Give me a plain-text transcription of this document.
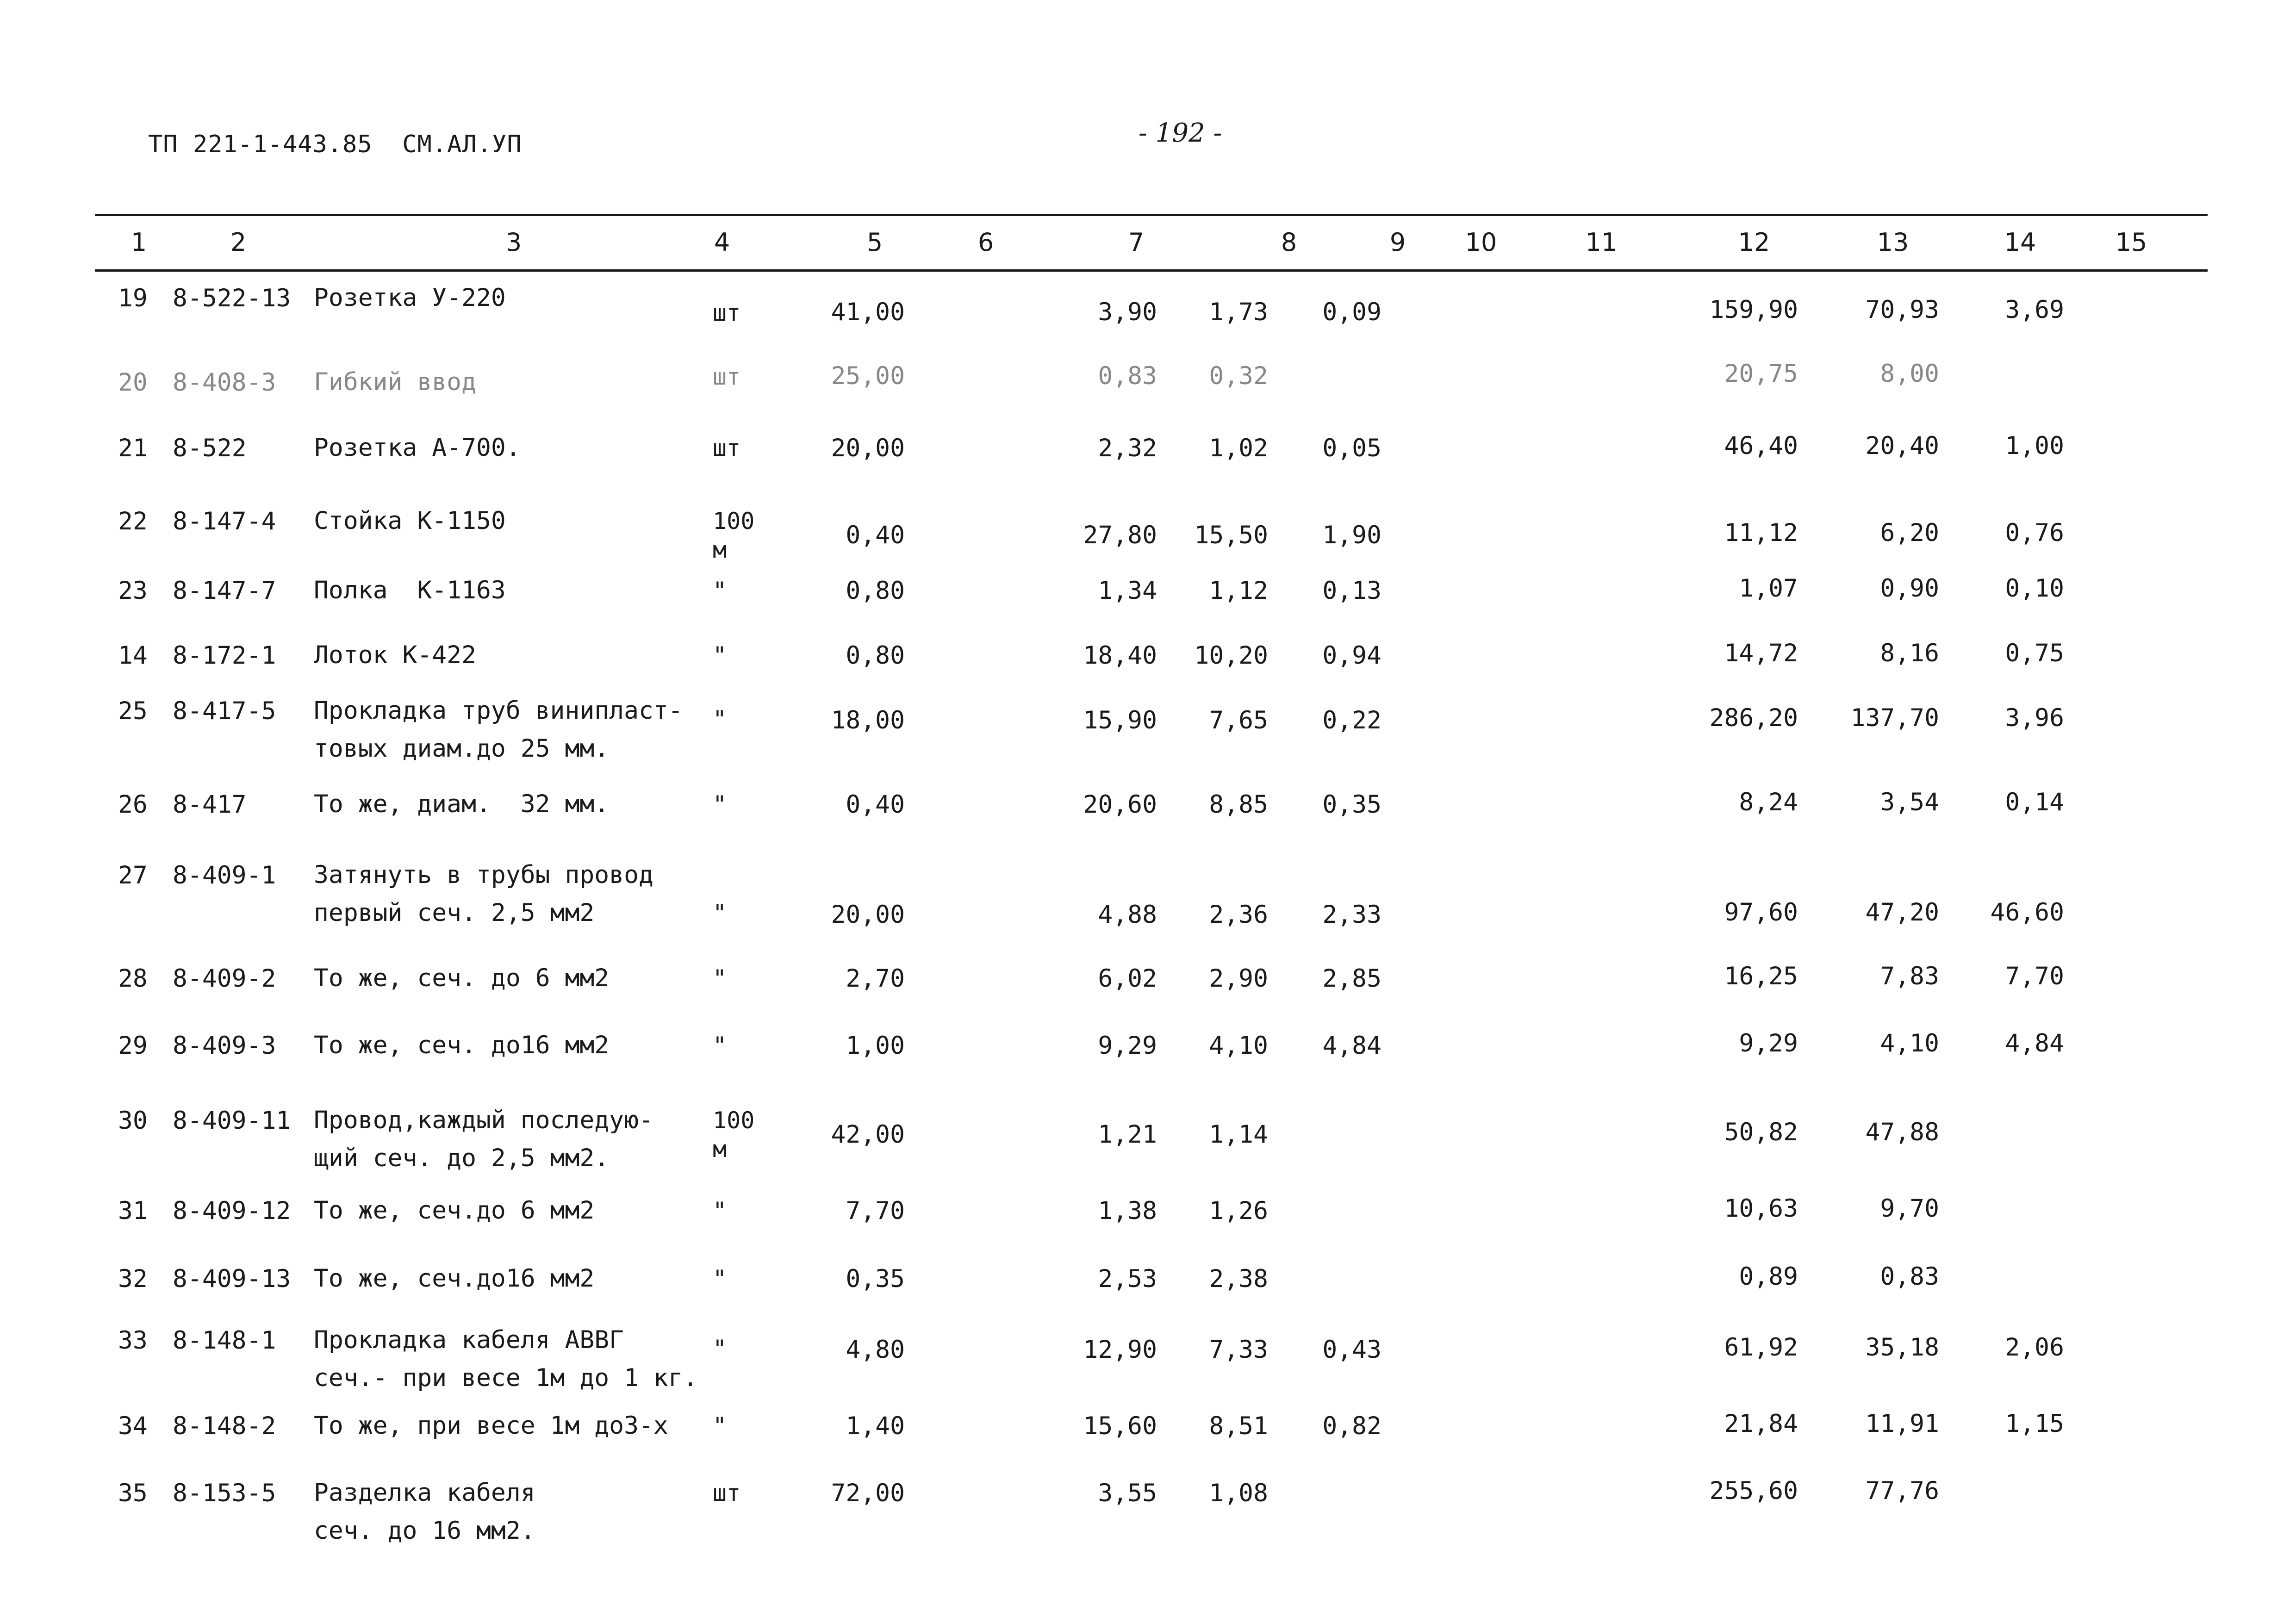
ТП 221-1-443.85  СМ.АЛ.УП	- 192 -
1	2	3	4	5	6	7	8	9 10	11	12	13	14	15
19 8-522-13 Розетка У-220
шт	41,00	3,90 1,73 0,09	159,90	70,93	3,69
20 8-408-3 Гибкий ввод	шт	25,00	0,83 0,32	20,75	8,00
21 8-522	Розетка А-700.	шт	20,00	2,32 1,02 0,05	46,40	20,40	1,00
22 8-147-4 Стойка К-1150	100
м
0,40	27,80 15,50 1,90	11,12	6,20	0,76
23 8-147-7 Полка  К-1163	"	0,80	1,34 1,12 0,13	1,07	0,90	0,10
14 8-172-1 Лоток К-422	"	0,80	18,40 10,20 0,94	14,72	8,16	0,75
25 8-417-5 Прокладка труб винипласт-
товых диам.до 25 мм.
"	18,00	15,90 7,65 0,22	286,20 137,70	3,96
26 8-417	То же, диам.  32 мм.	"	0,40	20,60 8,85 0,35	8,24	3,54	0,14
27 8-409-1 Затянуть в трубы провод
первый сеч. 2,5 мм2	"	20,00	4,88 2,36 2,33	97,60	47,20 46,60
28 8-409-2 То же, сеч. до 6 мм2	"	2,70	6,02 2,90 2,85	16,25	7,83	7,70
29 8-409-3 То же, сеч. до16 мм2	"	1,00	9,29 4,10 4,84	9,29	4,10	4,84
30 8-409-11 Провод,каждый последую-
щий сеч. до 2,5 мм2.
100
м
42,00	1,21 1,14	50,82	47,88
31 8-409-12 То же, сеч.до 6 мм2	"	7,70	1,38 1,26	10,63	9,70
32 8-409-13 То же, сеч.до16 мм2	"	0,35	2,53 2,38	0,89	0,83
33 8-148-1 Прокладка кабеля АВВГ
сеч.- при весе 1м до 1 кг.
"	4,80	12,90 7,33 0,43	61,92	35,18	2,06
34 8-148-2 То же, при весе 1м до3-х "	1,40	15,60 8,51 0,82	21,84	11,91	1,15
35 8-153-5 Разделка кабеля
сеч. до 16 мм2.
шт	72,00	3,55 1,08	255,60	77,76
